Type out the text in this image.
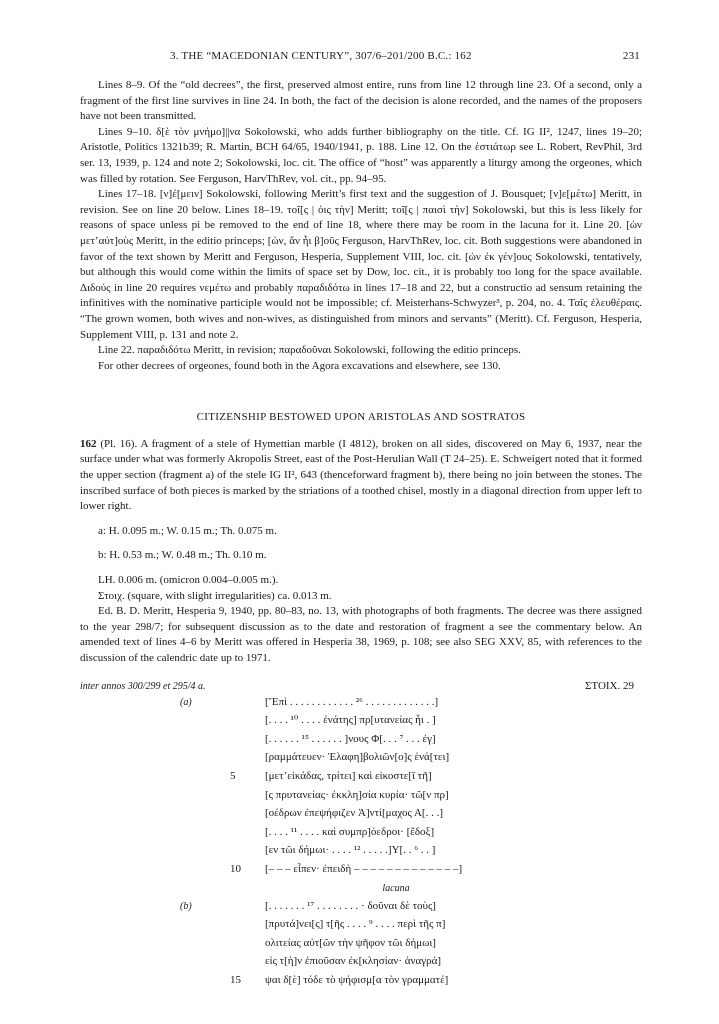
3. THE “MACEDONIAN CENTURY”, 307/6–201/200 B.C.: 162	231

Lines 8–9. Of the “old decrees”, the first, preserved almost entire, runs from line 12 through line 23. Of a second, only a fragment of the first line survives in line 24. In both, the fact of the decision is alone recorded, and the names of the proposers have not been transmitted.

Lines 9–10. δ[ὲ τὸν μνήμο]||να Sokolowski, who adds further bibliography on the title. Cf. IG II², 1247, lines 19–20; Aristotle, Politics 1321b39; R. Martin, BCH 64/65, 1940/1941, p. 188. Line 12. On the ἑστιάτωρ see L. Robert, RevPhil, 3rd ser. 13, 1939, p. 124 and note 2; Sokolowski, loc. cit. The office of “host” was apparently a liturgy among the orgeones, which was filled by rotation. See Ferguson, HarvThRev, vol. cit., pp. 94–95.

Lines 17–18. [ν]έ[μειν] Sokolowski, following Meritt’s first text and the suggestion of J. Bousquet; [ν]ε[μέτω] Meritt, in revision. See on line 20 below. Lines 18–19. τοῖ[ς | ὁις τὴν] Meritt; τοῖ[ς | παισὶ τὴν] Sokolowski, but this is less likely for reasons of space unless pi be removed to the end of line 18, where there may be room in the lacuna for it. Line 20. [ὠν μετ’αὐτ]οὺς Meritt, in the editio princeps; [ὠν, ἄν ἦι β]οῦς Ferguson, HarvThRev, loc. cit. Both suggestions were abandoned in favor of the text shown by Meritt and Ferguson, Hesperia, Supplement VIII, loc. cit. [ὠν ἐκ γέν]ους Sokolowski, tentatively, but although this would come within the limits of space set by Dow, loc. cit., it is probably too long for the space available. Διδούς in line 20 requires νεμέτω and probably παραδιδότω in lines 17–18 and 22, but a constructio ad sensum retaining the infinitives with the nominative participle would not be impossible; cf. Meisterhans-Schwyzer³, p. 204, no. 4. Ταῖς ἐλευθέραις. “The grown women, both wives and non-wives, as distinguished from minors and servants” (Meritt). Cf. Ferguson, Hesperia, Supplement VIII, p. 131 and note 2.

Line 22. παραδιδότω Meritt, in revision; παραδοῦναι Sokolowski, following the editio princeps.

For other decrees of orgeones, found both in the Agora excavations and elsewhere, see 130.

CITIZENSHIP BESTOWED UPON ARISTOLAS AND SOSTRATOS

162 (Pl. 16). A fragment of a stele of Hymettian marble (I 4812), broken on all sides, discovered on May 6, 1937, near the surface under what was formerly Akropolis Street, east of the Post-Herulian Wall (T 24–25). E. Schweigert noted that it formed the upper section (fragment a) of the stele IG II², 643 (thenceforward fragment b), there being no join between the stones. The inscribed surface of both pieces is marked by the striations of a toothed chisel, mostly in a diagonal direction from upper left to lower right.

a: H. 0.095 m.; W. 0.15 m.; Th. 0.075 m.
b: H. 0.53 m.; W. 0.48 m.; Th. 0.10 m.
LH. 0.006 m. (omicron 0.004–0.005 m.).
Στοιχ. (square, with slight irregularities) ca. 0.013 m.

Ed. B. D. Meritt, Hesperia 9, 1940, pp. 80–83, no. 13, with photographs of both fragments. The decree was there assigned to the year 298/7; for subsequent discussion as to the date and restoration of fragment a see the commentary below. An amended text of lines 4–6 by Meritt was offered in Hesperia 38, 1969, p. 108; see also SEG XXV, 85, with references to the discussion of the calendric date up to 1971.

inter annos 300/299 et 295/4 a.	ΣΤΟΙΧ. 29
(a)	[Ἔπὶ . . . . . . . . . . . . ²⁶ . . . . . . . . . . . . .]
[. . . . ¹⁰ . . . . ἐνάτης] πρ[υτανείας ἧι . ]
[. . . . . . ¹⁵ . . . . . . ]νους Φ[. . . ⁷ . . . ἐγ]
[ραμμάτευεν· Ἐλαφη]βολιῶν[ο]ς ἑνά[τει]
5	[μετ’εἰκάδας, τρίτει] καὶ εἰκοστε[ῖ τῆ]
[ς πρυτανείας· ἐκκλη]σία κυρία· τῶ[ν πρ]
[οέδρων ἐπεψήφιζεν Ἀ]ντί[μαχος Α[. . .]
[. . . . ¹¹ . . . . καὶ συμπρ]όεδροι· [ἔδοξ]
[εν τῶι δήμωι· . . . . ¹² . . . . .]Υ[. . ⁶ . . ]
10	[– – – εἶπεν· ἐπειδὴ – – – – – – – – – – – – –]
lacuna
(b)	[. . . . . . . ¹⁷ . . . . . . . . · δοῦναι δὲ τοὺς]
[πρυτά]νει[ς] τ[ῆς . . . . ⁹ . . . . περὶ τῆς π]
ολιτείας αὐτ[ῶν τὴν ψῆφον τῶι δήμωι]
εἰς τ[ὴ]ν ἐπιοῦσαν ἐκ[κλησίαν· ἀναγρά]
15	ψαι δ[ὲ] τόδε τὸ ψήφισμ[α τὸν γραμματέ]
